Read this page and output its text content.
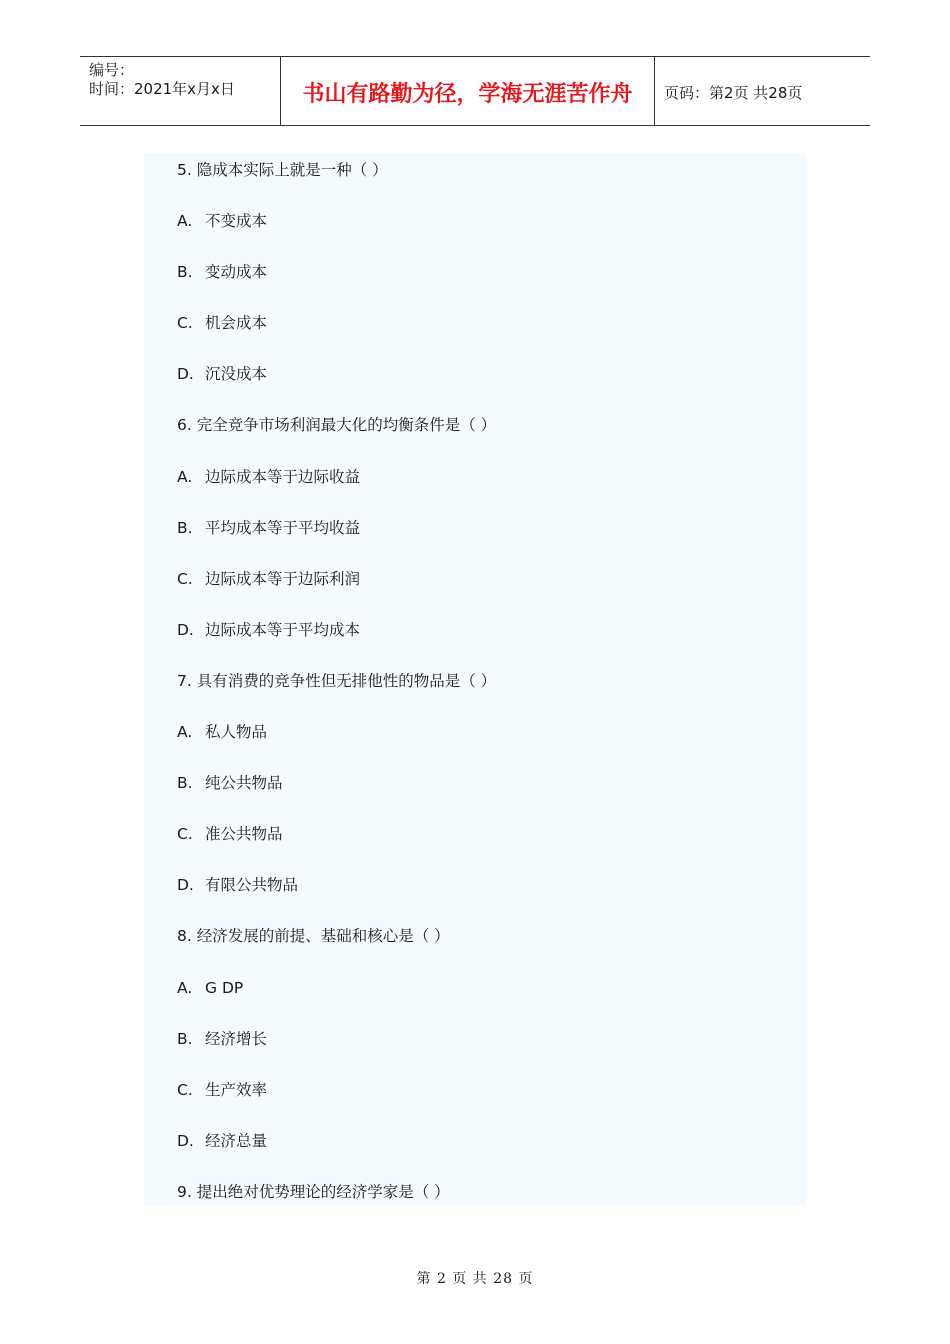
编号：
时间：2021年x月x日	书山有路勤为径，学海无涯苦作舟	页码：第2页 共28页
5. 隐成本实际上就是一种（ ）
A. 不变成本
B. 变动成本
C. 机会成本
D. 沉没成本
6. 完全竞争市场利润最大化的均衡条件是（ ）
A. 边际成本等于边际收益
B. 平均成本等于平均收益
C. 边际成本等于边际利润
D. 边际成本等于平均成本
7. 具有消费的竞争性但无排他性的物品是（ ）
A. 私人物品
B. 纯公共物品
C. 准公共物品
D. 有限公共物品
8. 经济发展的前提、基础和核心是（ ）
A. G DP
B. 经济增长
C. 生产效率
D. 经济总量
9. 提出绝对优势理论的经济学家是（ ）
第 2 页 共 28 页
